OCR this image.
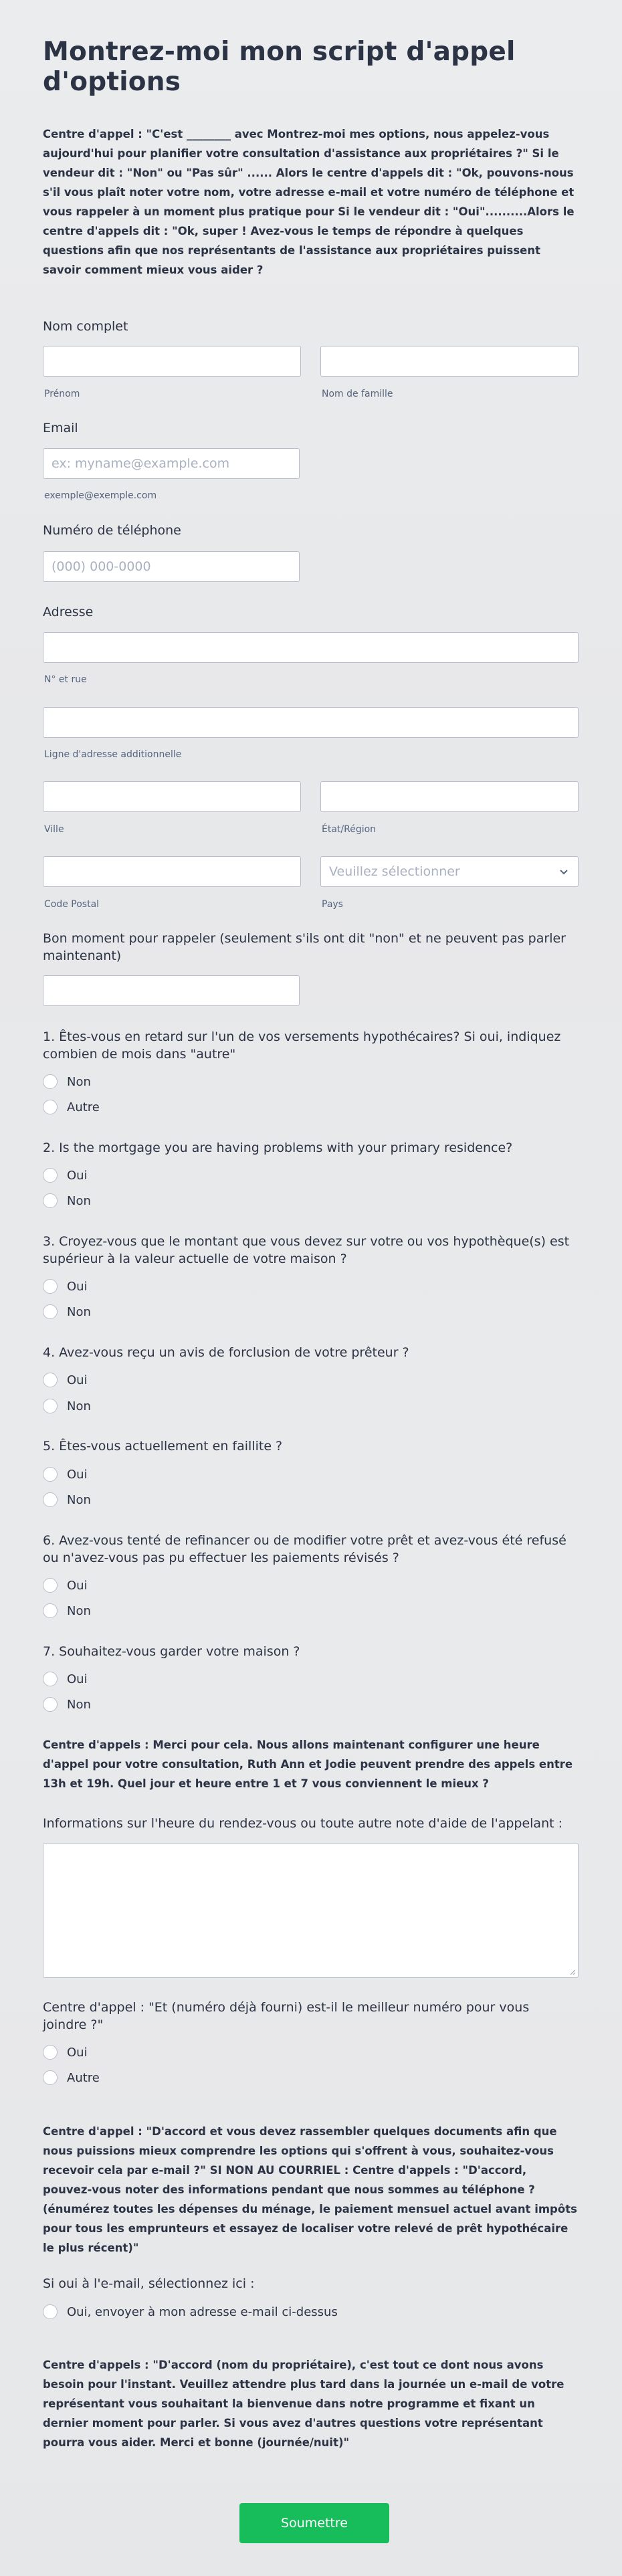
Montrez-moi mon script d'appel d'options

Centre d'appel : "C'est ________ avec Montrez-moi mes options, nous appelez-vous aujourd'hui pour planifier votre consultation d'assistance aux propriétaires ?" Si le vendeur dit : "Non" ou "Pas sûr" ...... Alors le centre d'appels dit : "Ok, pouvons-nous s'il vous plaît noter votre nom, votre adresse e-mail et votre numéro de téléphone et vous rappeler à un moment plus pratique pour Si le vendeur dit : "Oui"..........Alors le centre d'appels dit : "Ok, super ! Avez-vous le temps de répondre à quelques questions afin que nos représentants de l'assistance aux propriétaires puissent savoir comment mieux vous aider ?

Nom complet
Prénom	Nom de famille
Email
ex: myname@example.com
exemple@exemple.com
Numéro de téléphone
(000) 000-0000
Adresse
N° et rue
Ligne d'adresse additionnelle
Ville	État/Région
Veuillez sélectionner
Code Postal	Pays
Bon moment pour rappeler (seulement s'ils ont dit "non" et ne peuvent pas parler maintenant)
1. Êtes-vous en retard sur l'un de vos versements hypothécaires? Si oui, indiquez combien de mois dans "autre"
Non
Autre
2. Is the mortgage you are having problems with your primary residence?
Oui
Non
3. Croyez-vous que le montant que vous devez sur votre ou vos hypothèque(s) est supérieur à la valeur actuelle de votre maison ?
Oui
Non
4. Avez-vous reçu un avis de forclusion de votre prêteur ?
Oui
Non
5. Êtes-vous actuellement en faillite ?
Oui
Non
6. Avez-vous tenté de refinancer ou de modifier votre prêt et avez-vous été refusé ou n'avez-vous pas pu effectuer les paiements révisés ?
Oui
Non
7. Souhaitez-vous garder votre maison ?
Oui
Non

Centre d'appels : Merci pour cela. Nous allons maintenant configurer une heure d'appel pour votre consultation, Ruth Ann et Jodie peuvent prendre des appels entre 13h et 19h. Quel jour et heure entre 1 et 7 vous conviennent le mieux ?

Informations sur l'heure du rendez-vous ou toute autre note d'aide de l'appelant :
Centre d'appel : "Et (numéro déjà fourni) est-il le meilleur numéro pour vous joindre ?"
Oui
Autre

Centre d'appel : "D'accord et vous devez rassembler quelques documents afin que nous puissions mieux comprendre les options qui s'offrent à vous, souhaitez-vous recevoir cela par e-mail ?" SI NON AU COURRIEL : Centre d'appels : "D'accord, pouvez-vous noter des informations pendant que nous sommes au téléphone ? (énumérez toutes les dépenses du ménage, le paiement mensuel actuel avant impôts pour tous les emprunteurs et essayez de localiser votre relevé de prêt hypothécaire le plus récent)"

Si oui à l'e-mail, sélectionnez ici :
Oui, envoyer à mon adresse e-mail ci-dessus

Centre d'appels : "D'accord (nom du propriétaire), c'est tout ce dont nous avons besoin pour l'instant. Veuillez attendre plus tard dans la journée un e-mail de votre représentant vous souhaitant la bienvenue dans notre programme et fixant un dernier moment pour parler. Si vous avez d'autres questions votre représentant pourra vous aider. Merci et bonne (journée/nuit)"

Soumettre
